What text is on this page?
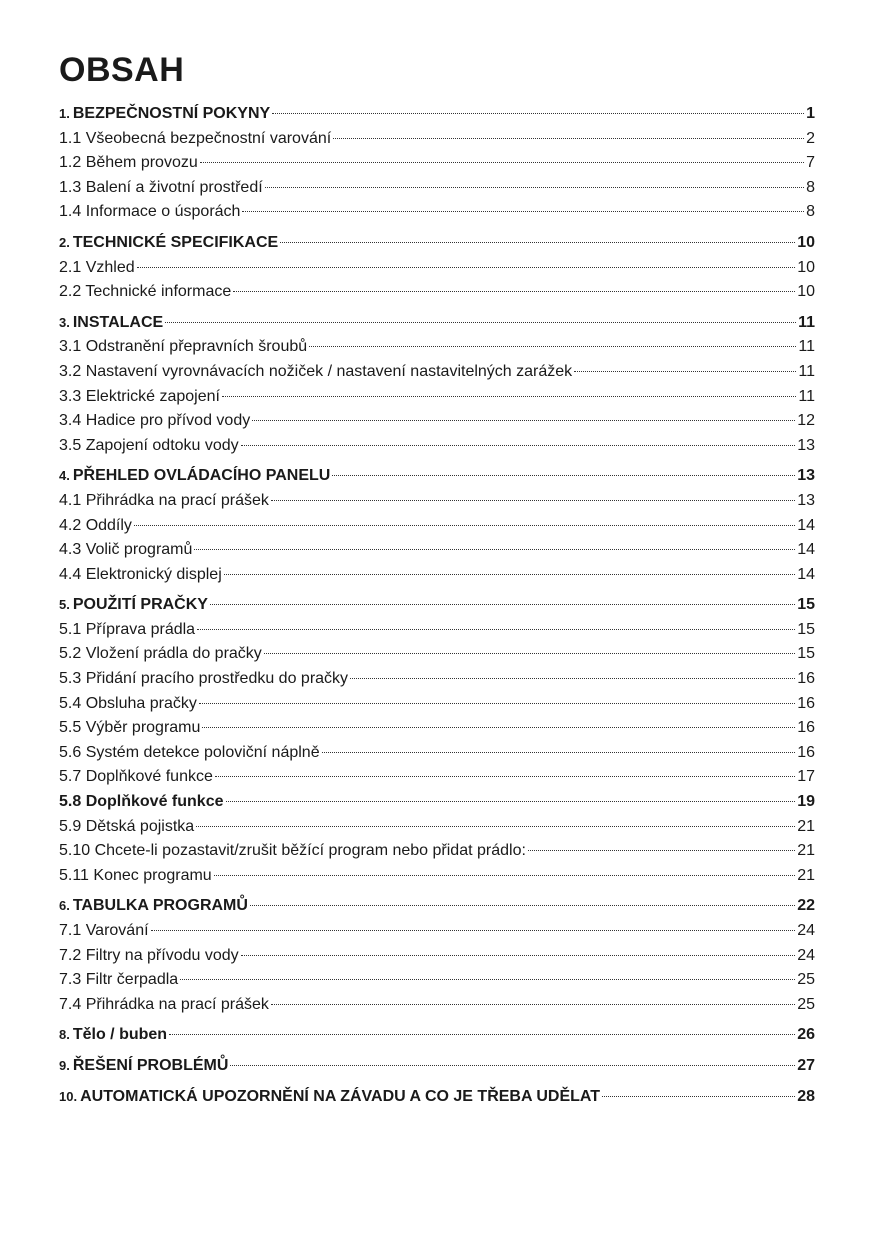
OBSAH
1. BEZPEČNOSTNÍ POKYNY	1
1.1 Všeobecná bezpečnostní varování	2
1.2 Během provozu	7
1.3 Balení a životní prostředí	8
1.4 Informace o úsporách	8
2. TECHNICKÉ SPECIFIKACE	10
2.1 Vzhled	10
2.2 Technické informace	10
3. INSTALACE	11
3.1 Odstranění přepravních šroubů	11
3.2 Nastavení vyrovnávacích nožiček / nastavení nastavitelných zarážek	11
3.3 Elektrické zapojení	11
3.4 Hadice pro přívod vody	12
3.5 Zapojení odtoku vody	13
4. PŘEHLED OVLÁDACÍHO PANELU	13
4.1 Přihrádka na prací prášek	13
4.2 Oddíly	14
4.3 Volič programů	14
4.4 Elektronický displej	14
5. POUŽITÍ PRAČKY	15
5.1 Příprava prádla	15
5.2 Vložení prádla do pračky	15
5.3 Přidání pracího prostředku do pračky	16
5.4 Obsluha pračky	16
5.5 Výběr programu	16
5.6 Systém detekce poloviční náplně	16
5.7 Doplňkové funkce	17
5.8 Doplňkové funkce	19
5.9 Dětská pojistka	21
5.10 Chcete-li pozastavit/zrušit běžící program nebo přidat prádlo:	21
5.11 Konec programu	21
6. TABULKA PROGRAMŮ	22
7.1 Varování	24
7.2 Filtry na přívodu vody	24
7.3 Filtr čerpadla	25
7.4 Přihrádka na prací prášek	25
8. Tělo / buben	26
9. ŘEŠENÍ PROBLÉMŮ	27
10. AUTOMATICKÁ UPOZORNĚNÍ NA ZÁVADU A CO JE TŘEBA UDĚLAT	28
